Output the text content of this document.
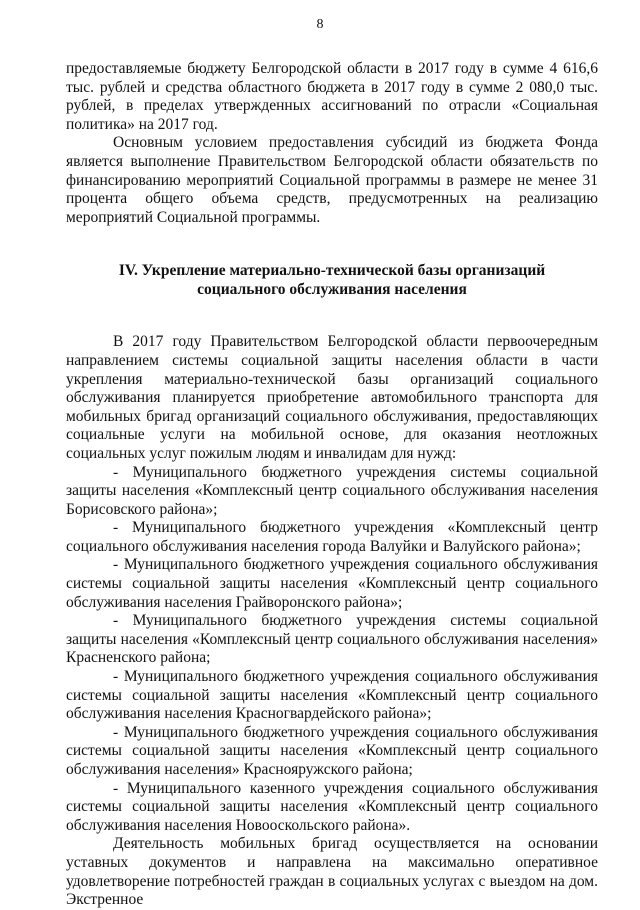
8

предоставляемые бюджету Белгородской области в 2017 году в сумме 4 616,6 тыс. рублей и средства областного бюджета в 2017 году в сумме 2 080,0 тыс. рублей, в пределах утвержденных ассигнований по отрасли «Социальная политика» на 2017 год.

Основным условием предоставления субсидий из бюджета Фонда является выполнение Правительством Белгородской области обязательств по финансированию мероприятий Социальной программы в размере не менее 31 процента общего объема средств, предусмотренных на реализацию мероприятий Социальной программы.

IV. Укрепление материально-технической базы организаций

социального обслуживания населения

В 2017 году Правительством Белгородской области первоочередным направлением системы социальной защиты населения области в части укрепления материально-технической базы организаций социального обслуживания планируется приобретение автомобильного транспорта для мобильных бригад организаций социального обслуживания, предоставляющих социальные услуги на мобильной основе, для оказания неотложных социальных услуг пожилым людям и инвалидам для нужд:

- Муниципального бюджетного учреждения системы социальной защиты населения «Комплексный центр социального обслуживания населения Борисовского района»;

- Муниципального бюджетного учреждения «Комплексный центр социального обслуживания населения города Валуйки и Валуйского района»;

- Муниципального бюджетного учреждения социального обслуживания системы социальной защиты населения «Комплексный центр социального обслуживания населения Грайворонского района»;

- Муниципального бюджетного учреждения системы социальной защиты населения «Комплексный центр социального обслуживания населения» Красненского района;

- Муниципального бюджетного учреждения социального обслуживания системы социальной защиты населения «Комплексный центр социального обслуживания населения Красногвардейского района»;

- Муниципального бюджетного учреждения социального обслуживания системы социальной защиты населения «Комплексный центр социального обслуживания населения» Краснояружского района;

- Муниципального казенного учреждения социального обслуживания системы социальной защиты населения «Комплексный центр социального обслуживания населения Новооскольского района».

Деятельность мобильных бригад осуществляется на основании уставных документов и направлена на максимально оперативное удовлетворение потребностей граждан в социальных услугах с выездом на дом. Экстренное
